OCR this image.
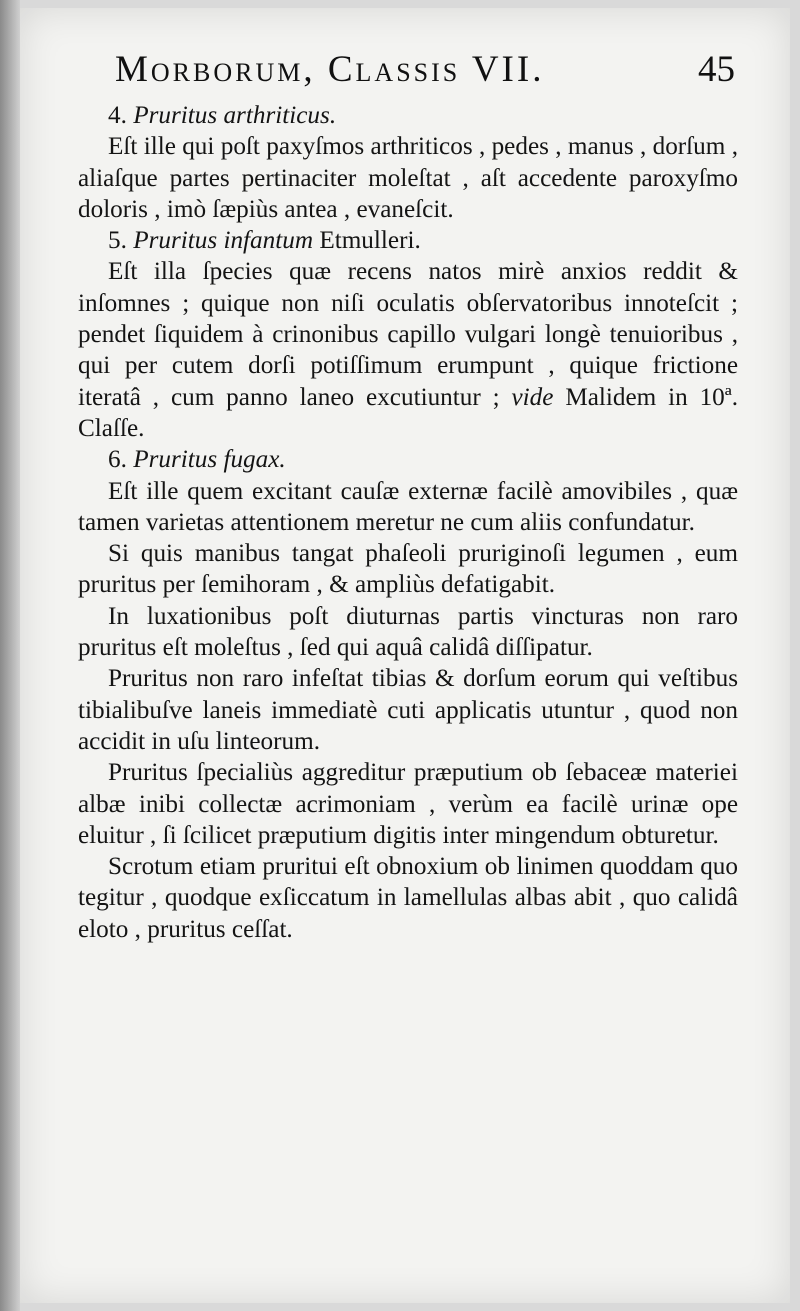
Morborum, Classis VII.	45

4. Pruritus arthriticus.

Eſt ille qui poſt paxyſmos arthriticos , pedes , manus , dorſum , aliaſque partes pertinaciter moleſtat , aſt accedente paroxyſmo doloris , imò ſæpiùs antea , evaneſcit.

5. Pruritus infantum Etmulleri.

Eſt illa ſpecies quæ recens natos mirè anxios reddit & inſomnes ; quique non niſi oculatis obſervatoribus innoteſcit ; pendet ſiquidem à crinonibus capillo vulgari longè tenuioribus , qui per cutem dorſi potiſſimum erumpunt , quique frictione iteratâ , cum panno laneo excutiuntur ; vide Malidem in 10ª. Claſſe.

6. Pruritus fugax.

Eſt ille quem excitant cauſæ externæ facilè amovibiles , quæ tamen varietas attentionem meretur ne cum aliis confundatur.

Si quis manibus tangat phaſeoli pruriginoſi legumen , eum pruritus per ſemihoram , & ampliùs defatigabit.

In luxationibus poſt diuturnas partis vincturas non raro pruritus eſt moleſtus , ſed qui aquâ calidâ diſſipatur.

Pruritus non raro infeſtat tibias & dorſum eorum qui veſtibus tibialibuſve laneis immediatè cuti applicatis utuntur , quod non accidit in uſu linteorum.

Pruritus ſpecialiùs aggreditur præputium ob ſebaceæ materiei albæ inibi collectæ acrimoniam , verùm ea facilè urinæ ope eluitur , ſi ſcilicet præputium digitis inter mingendum obturetur.

Scrotum etiam pruritui eſt obnoxium ob linimen quoddam quo tegitur , quodque exſiccatum in lamellulas albas abit , quo calidâ eloto , pruritus ceſſat.
